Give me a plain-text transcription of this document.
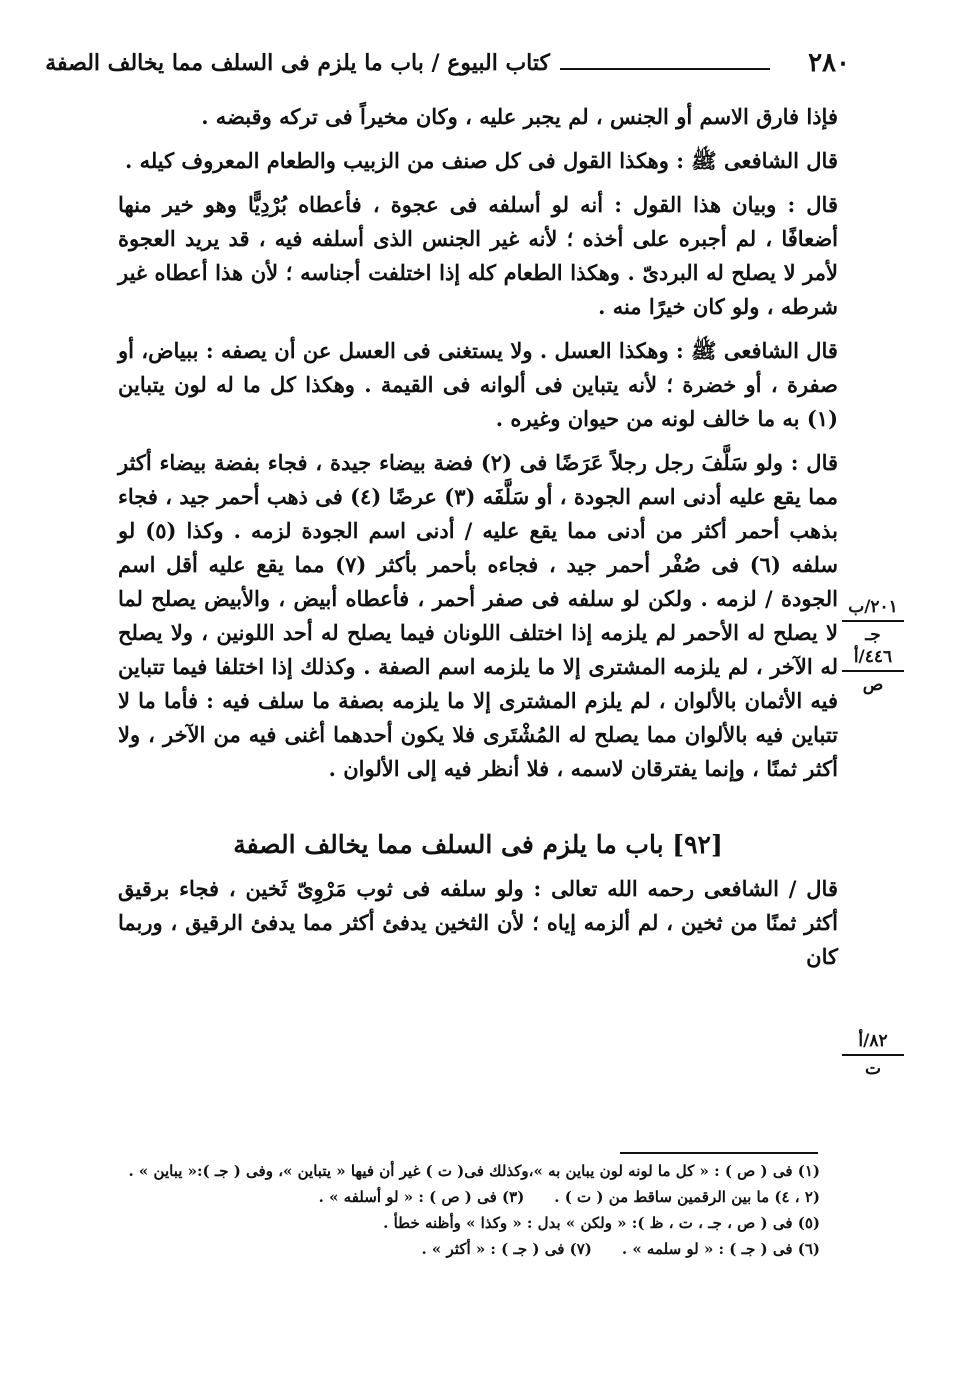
٢٨٠
كتاب البيوع / باب ما يلزم فى السلف مما يخالف الصفة

فإذا فارق الاسم أو الجنس ، لم يجبر عليه ، وكان مخيراً فى تركه وقبضه .

قال الشافعى ﷺ : وهكذا القول فى كل صنف من الزبيب والطعام المعروف كيله .

قال : وبيان هذا القول : أنه لو أسلفه فى عجوة ، فأعطاه بُرْدِيًّا وهو خير منها أضعافًا ، لم أجبره على أخذه ؛ لأنه غير الجنس الذى أسلفه فيه ، قد يريد العجوة لأمر لا يصلح له البردىّ . وهكذا الطعام كله إذا اختلفت أجناسه ؛ لأن هذا أعطاه غير شرطه ، ولو كان خيرًا منه .

قال الشافعى ﷺ : وهكذا العسل . ولا يستغنى فى العسل عن أن يصفه : ببياض، أو صفرة ، أو خضرة ؛ لأنه يتباين فى ألوانه فى القيمة . وهكذا كل ما له لون يتباين (١) به ما خالف لونه من حيوان وغيره .

قال : ولو سَلَّفَ رجل رجلاً عَرَضًا فى (٢) فضة بيضاء جيدة ، فجاء بفضة بيضاء أكثر مما يقع عليه أدنى اسم الجودة ، أو سَلَّفَه (٣) عرضًا (٤) فى ذهب أحمر جيد ، فجاء بذهب أحمر أكثر من أدنى مما يقع عليه / أدنى اسم الجودة لزمه . وكذا (٥) لو سلفه (٦) فى صُفْر أحمر جيد ، فجاءه بأحمر بأكثر (٧) مما يقع عليه أقل اسم الجودة / لزمه . ولكن لو سلفه فى صفر أحمر ، فأعطاه أبيض ، والأبيض يصلح لما لا يصلح له الأحمر لم يلزمه إذا اختلف اللونان فيما يصلح له أحد اللونين ، ولا يصلح له الآخر ، لم يلزمه المشترى إلا ما يلزمه اسم الصفة . وكذلك إذا اختلفا فيما تتباين فيه الأثمان بالألوان ، لم يلزم المشترى إلا ما يلزمه بصفة ما سلف فيه : فأما ما لا تتباين فيه بالألوان مما يصلح له المُشْتَرى فلا يكون أحدهما أغنى فيه من الآخر ، ولا أكثر ثمنًا ، وإنما يفترقان لاسمه ، فلا أنظر فيه إلى الألوان .

[٩٢] باب ما يلزم فى السلف مما يخالف الصفة

قال / الشافعى رحمه الله تعالى : ولو سلفه فى ثوب مَرْوِىّ ثَخين ، فجاء برقيق أكثر ثمنًا من ثخين ، لم ألزمه إياه ؛ لأن الثخين يدفئ أكثر مما يدفئ الرقيق ، وربما كان

٢٠١/ب
جـ
٤٤٦/أ
ص
٨٢/أ
ت
(١) فى ( ص ) : « كل ما لونه لون يباين به »،وكذلك فى( ت ) غير أن فيها « يتباين »، وفى ( جـ ):« يباين » .
(٢ ، ٤) ما بين الرقمين ساقط من ( ت ) .
(٣) فى ( ص ) : « لو أسلفه » .
(٥) فى ( ص ، جـ ، ت ، ظ ): « ولكن » بدل : « وكذا » وأظنه خطأ .
(٦) فى ( جـ ) : « لو سلمه » .
(٧) فى ( جـ ) : « أكثر » .
